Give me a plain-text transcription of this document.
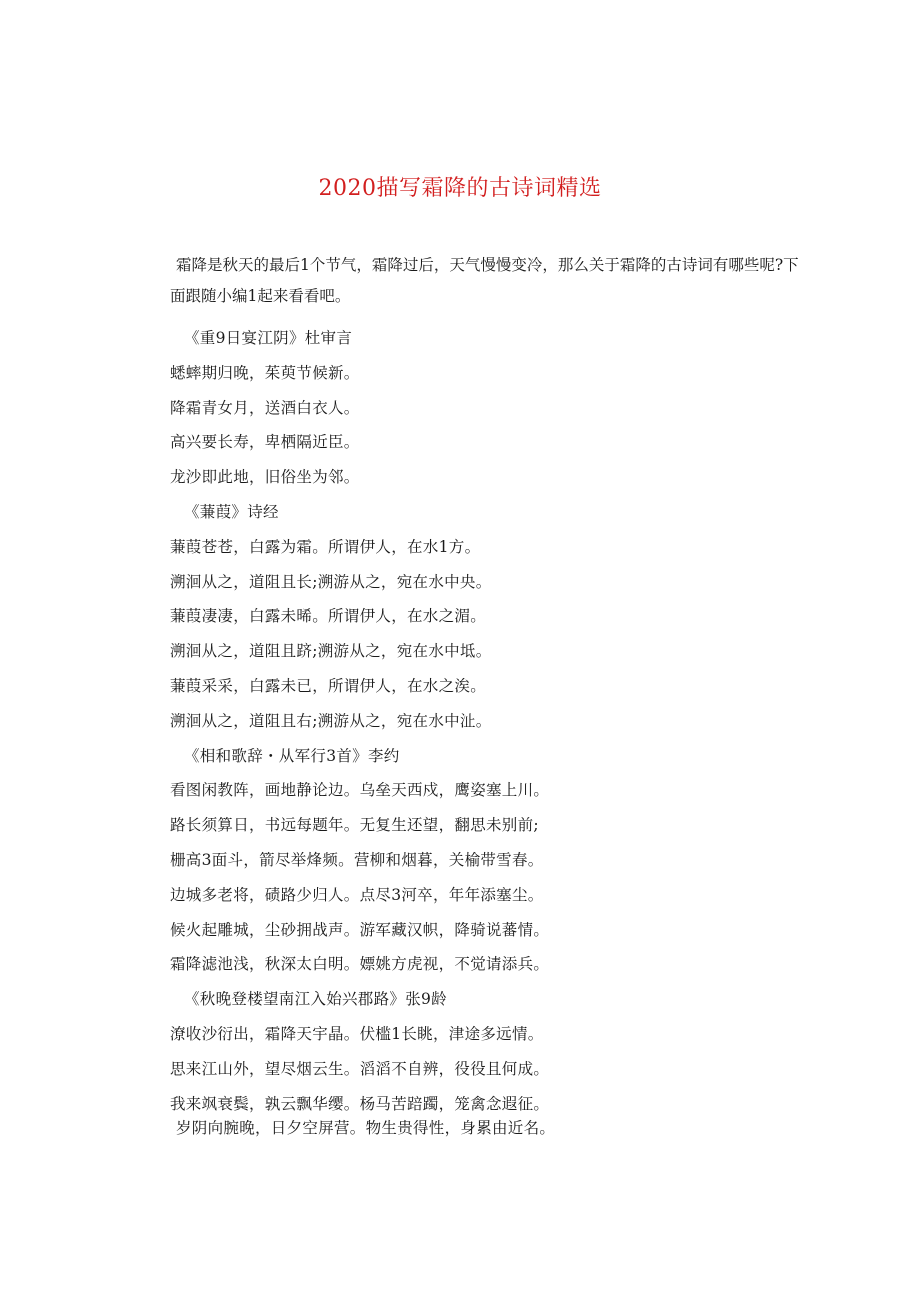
2020描写霜降的古诗词精选
霜降是秋天的最后1个节气，霜降过后，天气慢慢变冷，那么关于霜降的古诗词有哪些呢?下面跟随小编1起来看看吧。
《重9日宴江阴》杜审言
蟋蟀期归晚，茱萸节候新。
降霜青女月，送酒白衣人。
高兴要长寿，卑栖隔近臣。
龙沙即此地，旧俗坐为邻。
《蒹葭》诗经
蒹葭苍苍，白露为霜。所谓伊人，在水1方。
溯洄从之，道阻且长;溯游从之，宛在水中央。
蒹葭凄凄，白露未晞。所谓伊人，在水之湄。
溯洄从之，道阻且跻;溯游从之，宛在水中坻。
蒹葭采采，白露未已，所谓伊人，在水之涘。
溯洄从之，道阻且右;溯游从之，宛在水中沚。
《相和歌辞・从军行3首》李约
看图闲教阵，画地静论边。乌垒天西戍，鹰姿塞上川。
路长须算日，书远每题年。无复生还望，翻思未别前;
栅高3面斗，箭尽举烽频。营柳和烟暮，关榆带雪春。
边城多老将，碛路少归人。点尽3河卒，年年添塞尘。
候火起雕城，尘砂拥战声。游军藏汉帜，降骑说蕃情。
霜降滤池浅，秋深太白明。嫖姚方虎视，不觉请添兵。
《秋晚登楼望南江入始兴郡路》张9龄
潦收沙衍出，霜降天宇晶。伏槛1长眺，津途多远情。
思来江山外，望尽烟云生。滔滔不自辨，役役且何成。
我来飒衰鬓，孰云飘华缨。杨马苦踣躅，笼禽念遐征。
岁阴向腕晚，日夕空屏营。物生贵得性，身累由近名。
